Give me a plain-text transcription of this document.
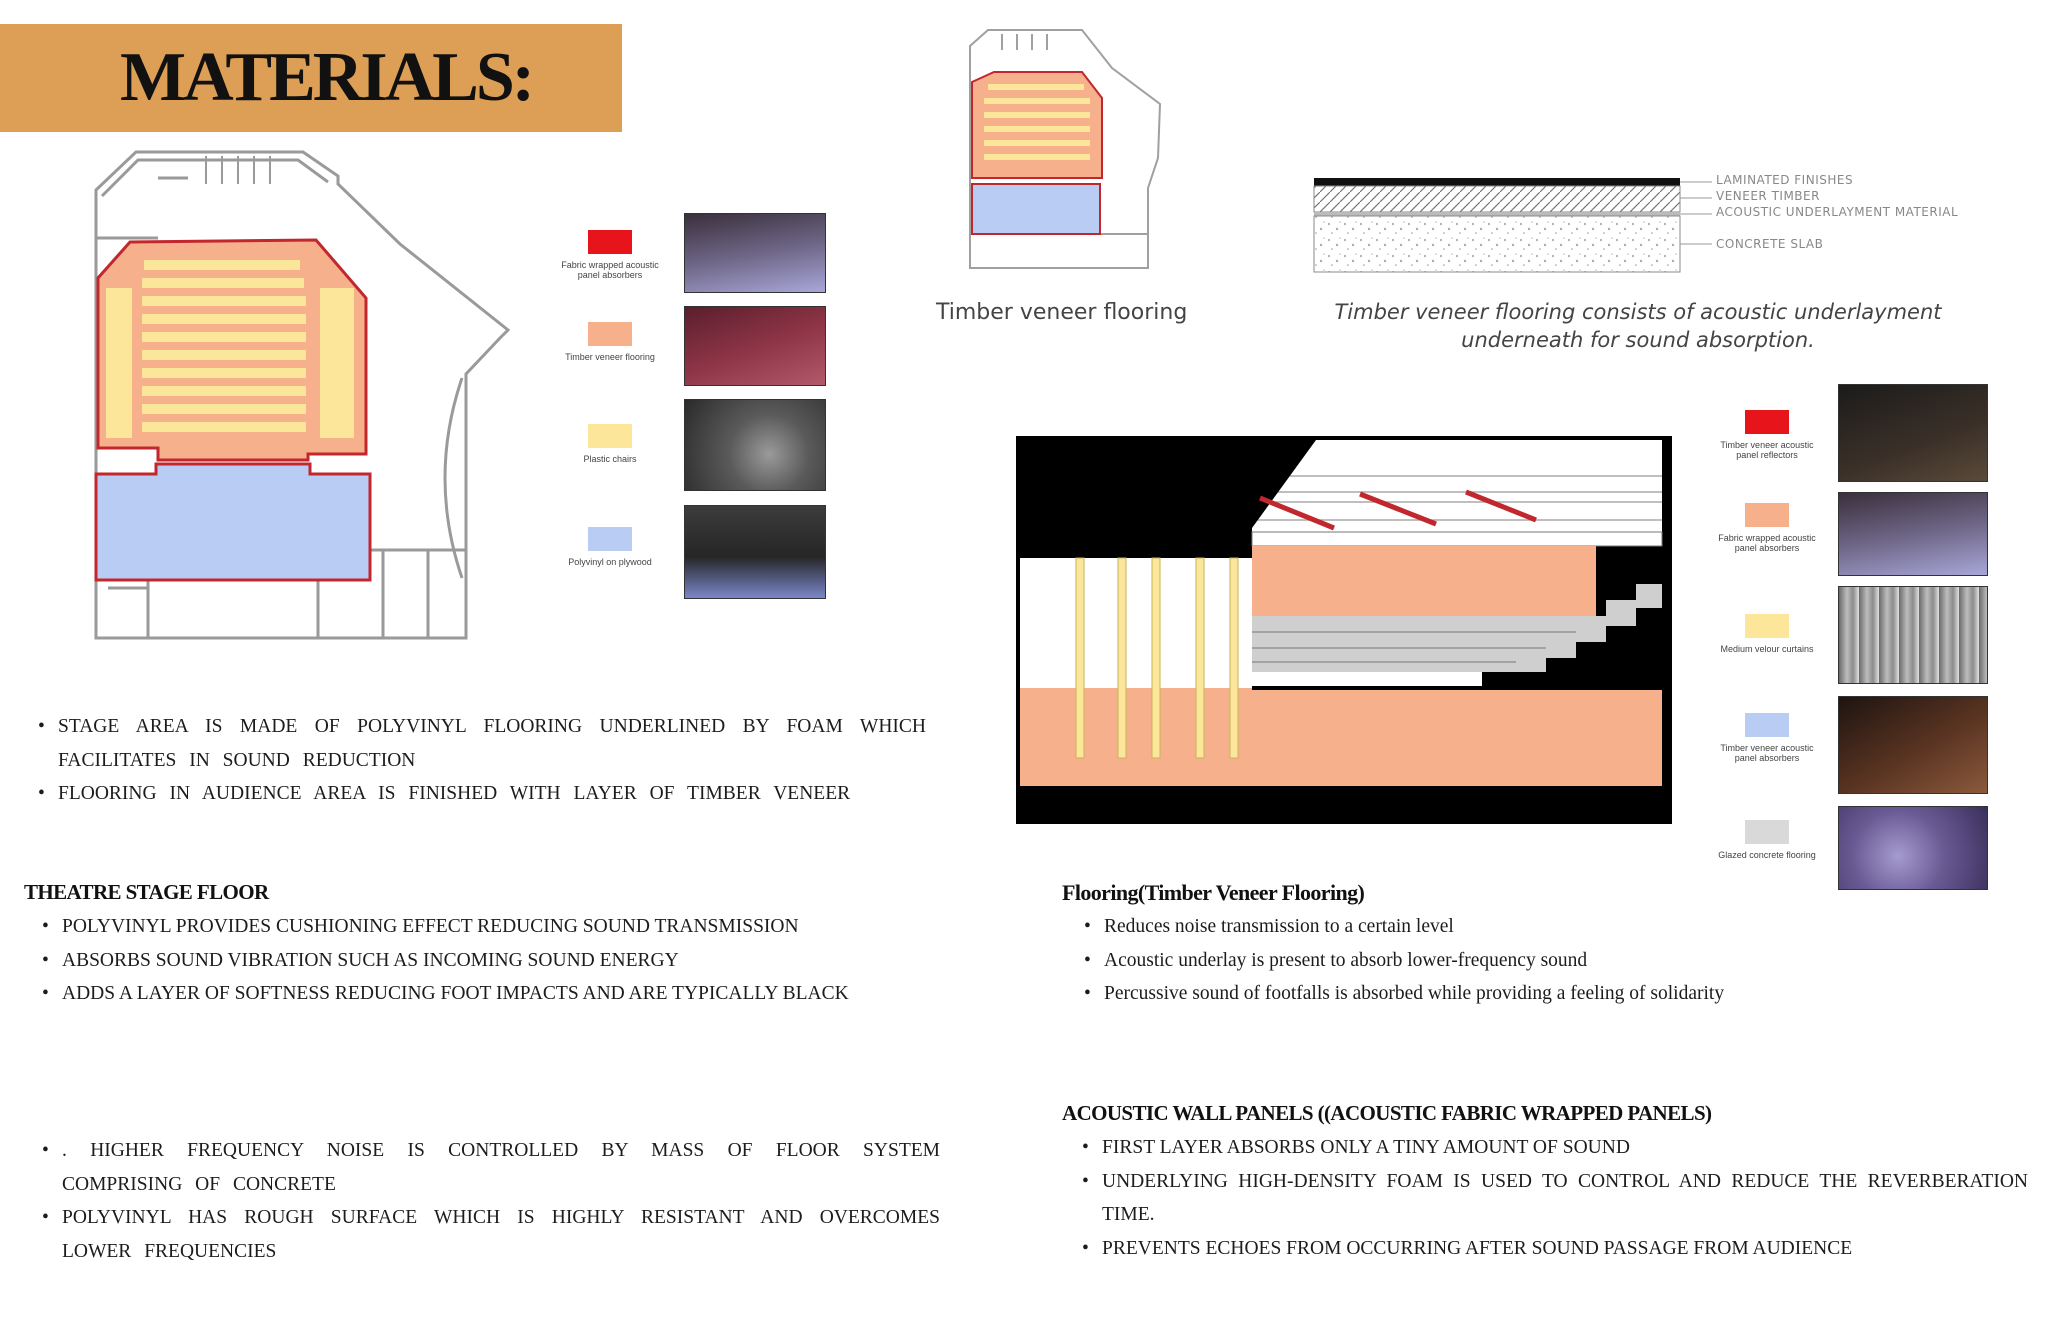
MATERIALS:
Fabric wrapped acoustic panel absorbers
Timber veneer flooring
Plastic chairs
Polyvinyl on plywood
Timber veneer flooring
LAMINATED FINISHES
VENEER TIMBER
ACOUSTIC UNDERLAYMENT MATERIAL
CONCRETE SLAB
Timber veneer flooring consists of acoustic underlayment underneath for sound absorption.
Timber veneer acoustic panel reflectors
Fabric wrapped acoustic panel absorbers
Medium velour curtains
Timber veneer acoustic panel absorbers
Glazed concrete flooring
• STAGE AREA IS MADE OF POLYVINYL FLOORING UNDERLINED BY FOAM WHICH FACILITATES IN SOUND REDUCTION
• FLOORING IN AUDIENCE AREA IS FINISHED WITH LAYER OF TIMBER VENEER
THEATRE STAGE FLOOR
• POLYVINYL PROVIDES CUSHIONING EFFECT REDUCING SOUND TRANSMISSION
• ABSORBS SOUND VIBRATION SUCH AS INCOMING SOUND ENERGY
• ADDS A LAYER OF SOFTNESS REDUCING FOOT IMPACTS AND ARE TYPICALLY BLACK
• . HIGHER FREQUENCY NOISE IS CONTROLLED BY MASS OF FLOOR SYSTEM COMPRISING OF CONCRETE
• POLYVINYL HAS ROUGH SURFACE WHICH IS HIGHLY RESISTANT AND OVERCOMES LOWER FREQUENCIES
Flooring(Timber Veneer Flooring)
• Reduces noise transmission to a certain level
• Acoustic underlay is present to absorb lower-frequency sound
• Percussive sound of footfalls is absorbed while providing a feeling of solidarity
ACOUSTIC WALL PANELS ((ACOUSTIC FABRIC WRAPPED PANELS)
• FIRST LAYER ABSORBS ONLY A TINY AMOUNT OF SOUND
• UNDERLYING HIGH-DENSITY FOAM IS USED TO CONTROL AND REDUCE THE REVERBERATION TIME.
• PREVENTS ECHOES FROM OCCURRING AFTER SOUND PASSAGE FROM AUDIENCE
